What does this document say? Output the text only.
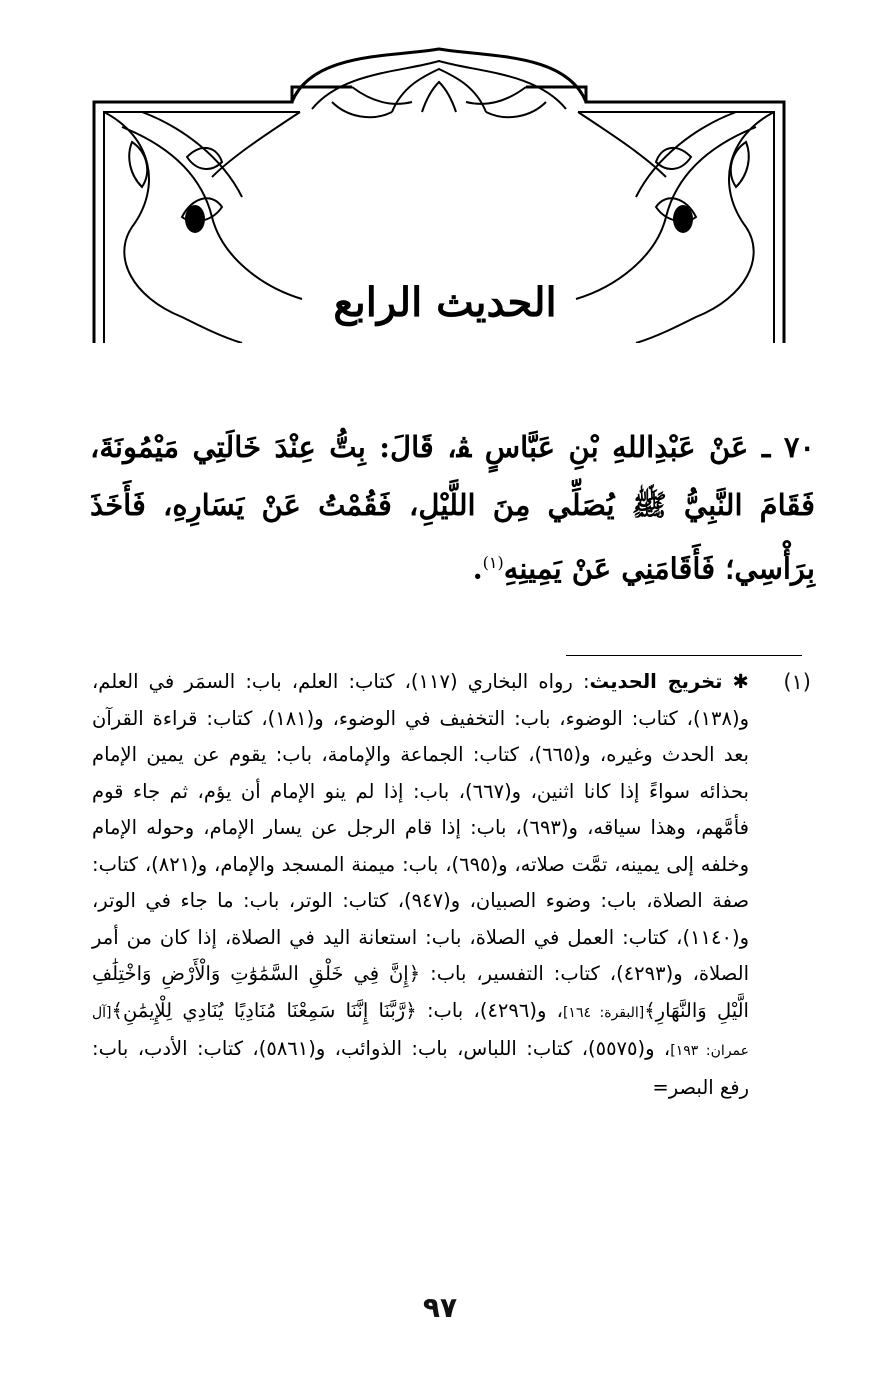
الحديث الرابع
٧٠ ـ عَنْ عَبْدِاللهِ بْنِ عَبَّاسٍ ﭭ، قَالَ: بِتُّ عِنْدَ خَالَتِي مَيْمُونَةَ، فَقَامَ النَّبِيُّ ﷺ يُصَلِّي مِنَ اللَّيْلِ، فَقُمْتُ عَنْ يَسَارِهِ، فَأَخَذَ بِرَأْسِي؛ فَأَقَامَنِي عَنْ يَمِينِهِ$^{(١)}$.
(١)
✱ تخريج الحديث: رواه البخاري (١١٧)، كتاب: العلم، باب: السمَر في العلم، و(١٣٨)، كتاب: الوضوء، باب: التخفيف في الوضوء، و(١٨١)، كتاب: قراءة القرآن بعد الحدث وغيره، و(٦٦٥)، كتاب: الجماعة والإمامة، باب: يقوم عن يمين الإمام بحذائه سواءً إذا كانا اثنين، و(٦٦٧)، باب: إذا لم ينو الإمام أن يؤم، ثم جاء قوم فأمَّهم، وهذا سياقه، و(٦٩٣)، باب: إذا قام الرجل عن يسار الإمام، وحوله الإمام وخلفه إلى يمينه، تمَّت صلاته، و(٦٩٥)، باب: ميمنة المسجد والإمام، و(٨٢١)، كتاب: صفة الصلاة، باب: وضوء الصبيان، و(٩٤٧)، كتاب: الوتر، باب: ما جاء في الوتر، و(١١٤٠)، كتاب: العمل في الصلاة، باب: استعانة اليد في الصلاة، إذا كان من أمر الصلاة، و(٤٢٩٣)، كتاب: التفسير، باب: ﴿إِنَّ فِي خَلْقِ السَّمَٰوَٰتِ وَالْأَرْضِ وَاخْتِلَٰفِ الَّيْلِ وَالنَّهَارِ﴾[البقرة: ١٦٤]، و(٤٢٩٦)، باب: ﴿رَّبَّنَا إِنَّنَا سَمِعْنَا مُنَادِيًا يُنَادِي لِلْإِيمَٰنِ﴾[آل عمران: ١٩٣]، و(٥٥٧٥)، كتاب: اللباس، باب: الذوائب، و(٥٨٦١)، كتاب: الأدب، باب: رفع البصر=
٩٧
